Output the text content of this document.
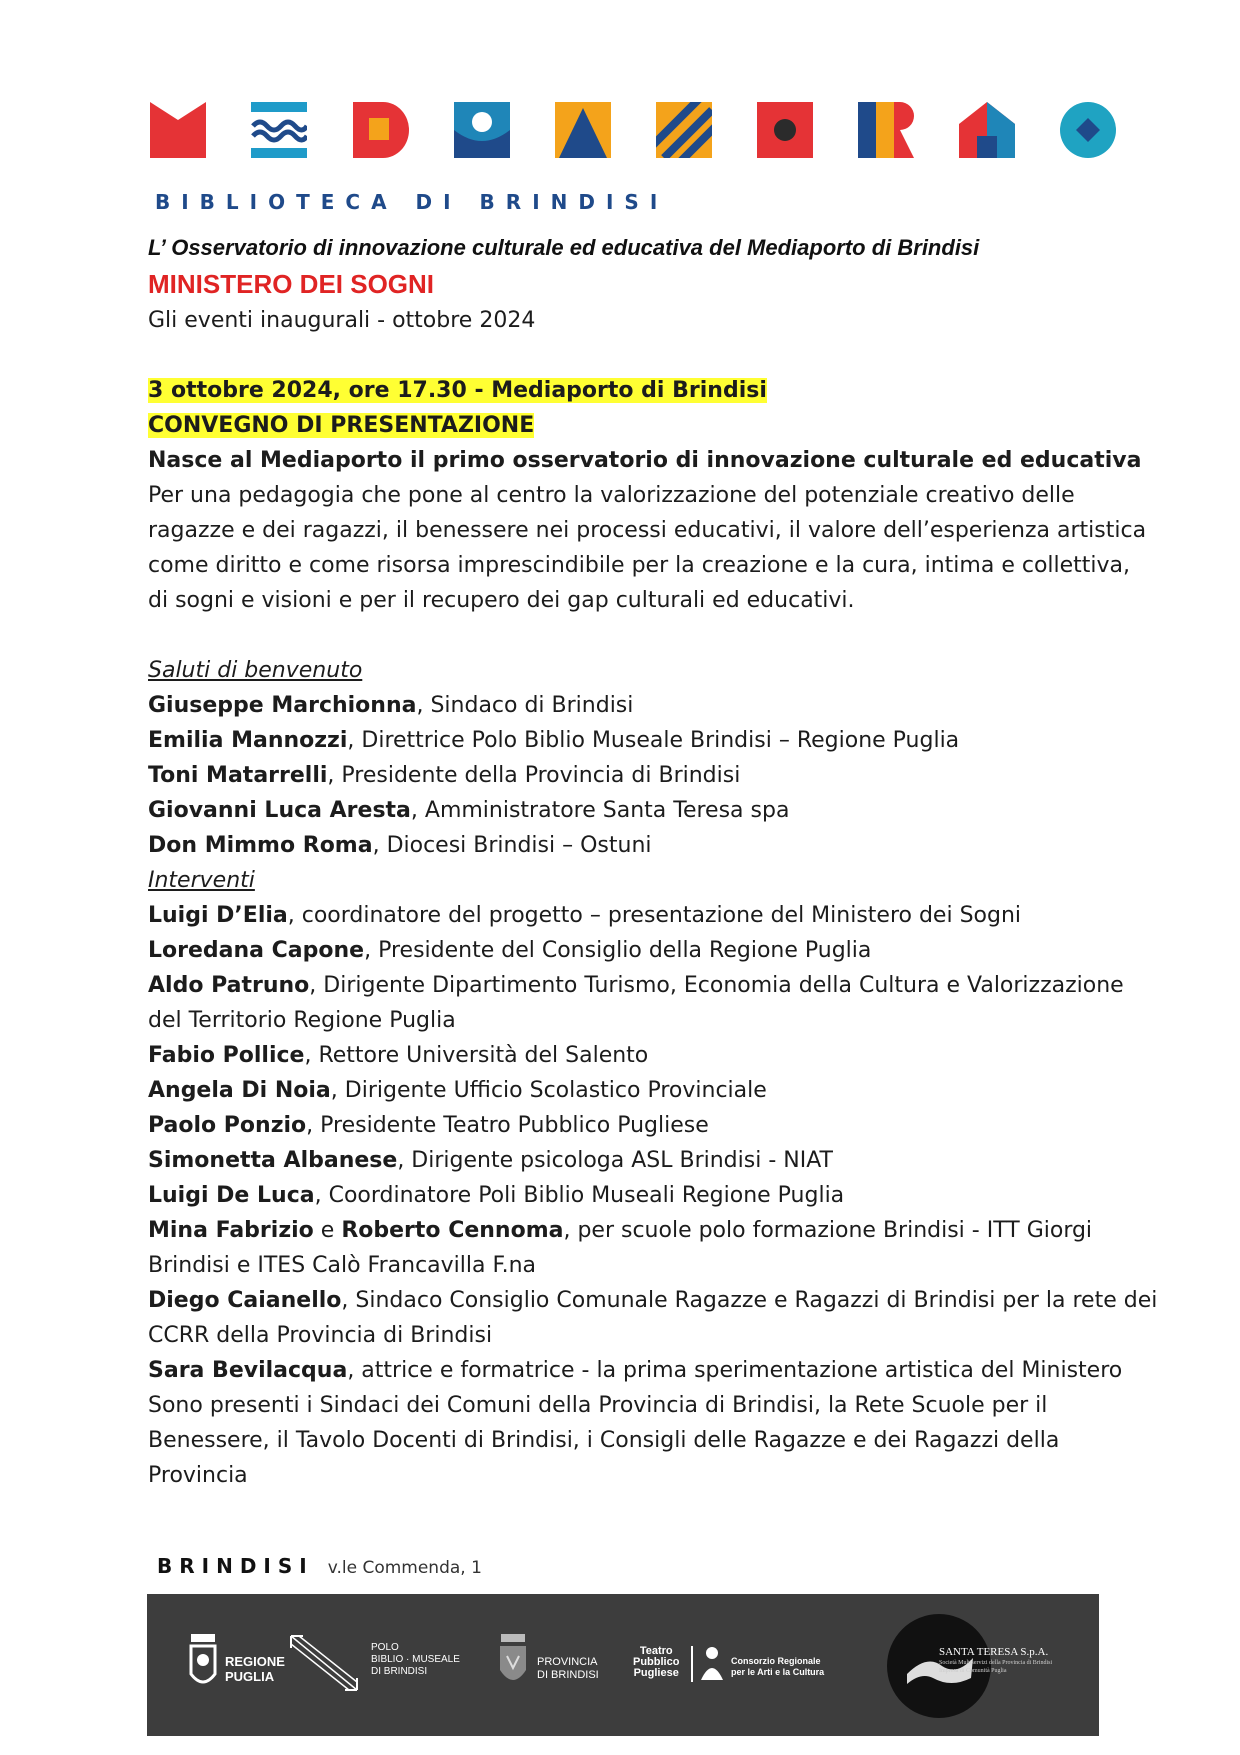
BIBLIOTECA DI BRINDISI
L’ Osservatorio di innovazione culturale ed educativa del Mediaporto di Brindisi
MINISTERO DEI SOGNI
Gli eventi inaugurali - ottobre 2024
3 ottobre 2024, ore 17.30 - Mediaporto di Brindisi
CONVEGNO DI PRESENTAZIONE
Nasce al Mediaporto il primo osservatorio di innovazione culturale ed educativa
Per una pedagogia che pone al centro la valorizzazione del potenziale creativo delle
ragazze e dei ragazzi, il benessere nei processi educativi, il valore dell’esperienza artistica
come diritto e come risorsa imprescindibile per la creazione e la cura, intima e collettiva,
di sogni e visioni e per il recupero dei gap culturali ed educativi.
Saluti di benvenuto
Giuseppe Marchionna, Sindaco di Brindisi
Emilia Mannozzi, Direttrice Polo Biblio Museale Brindisi – Regione Puglia
Toni Matarrelli, Presidente della Provincia di Brindisi
Giovanni Luca Aresta, Amministratore Santa Teresa spa
Don Mimmo Roma, Diocesi Brindisi – Ostuni
Interventi
Luigi D’Elia, coordinatore del progetto – presentazione del Ministero dei Sogni
Loredana Capone, Presidente del Consiglio della Regione Puglia
Aldo Patruno, Dirigente Dipartimento Turismo, Economia della Cultura e Valorizzazione
del Territorio Regione Puglia
Fabio Pollice, Rettore Università del Salento
Angela Di Noia, Dirigente Ufficio Scolastico Provinciale
Paolo Ponzio, Presidente Teatro Pubblico Pugliese
Simonetta Albanese, Dirigente psicologa ASL Brindisi - NIAT
Luigi De Luca, Coordinatore Poli Biblio Museali Regione Puglia
Mina Fabrizio e Roberto Cennoma, per scuole polo formazione Brindisi - ITT Giorgi
Brindisi e ITES Calò Francavilla F.na
Diego Caianello, Sindaco Consiglio Comunale Ragazze e Ragazzi di Brindisi per la rete dei
CCRR della Provincia di Brindisi
Sara Bevilacqua, attrice e formatrice - la prima sperimentazione artistica del Ministero
Sono presenti i Sindaci dei Comuni della Provincia di Brindisi, la Rete Scuole per il
Benessere, il Tavolo Docenti di Brindisi, i Consigli delle Ragazze e dei Ragazzi della
Provincia
BRINDISI v.le Commenda, 1
REGIONE
PUGLIA
POLO
BIBLIO · MUSEALE
DI BRINDISI
PROVINCIA
DI BRINDISI
Teatro
Pubblico
Pugliese
Consorzio Regionale
per le Arti e la Cultura
SANTA TERESA S.p.A.
Società Multiservizi della Provincia di Brindisi
Impresa di Comunità Puglia
